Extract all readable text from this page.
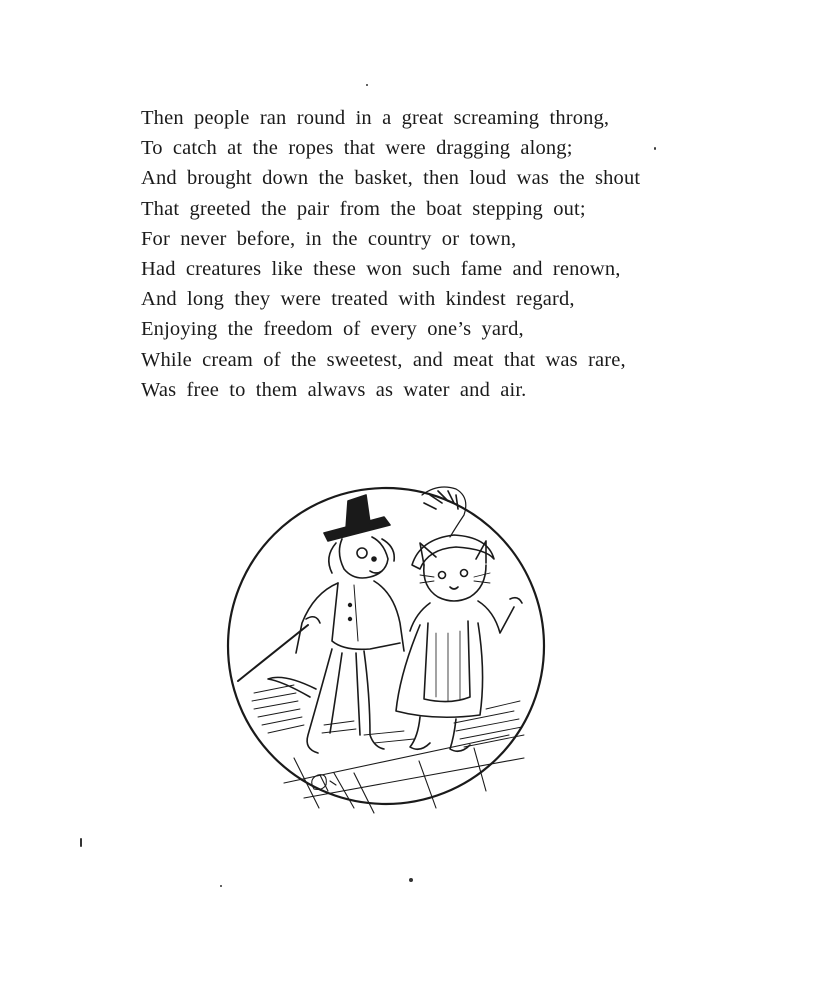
Then people ran round in a great screaming throng,
To catch at the ropes that were dragging along;
And brought down the basket, then loud was the shout
That greeted the pair from the boat stepping out;
For never before, in the country or town,
Had creatures like these won such fame and renown,
And long they were treated with kindest regard,
Enjoying the freedom of every one’s yard,
While cream of the sweetest, and meat that was rare,
Was free to them alwavs as water and air.
